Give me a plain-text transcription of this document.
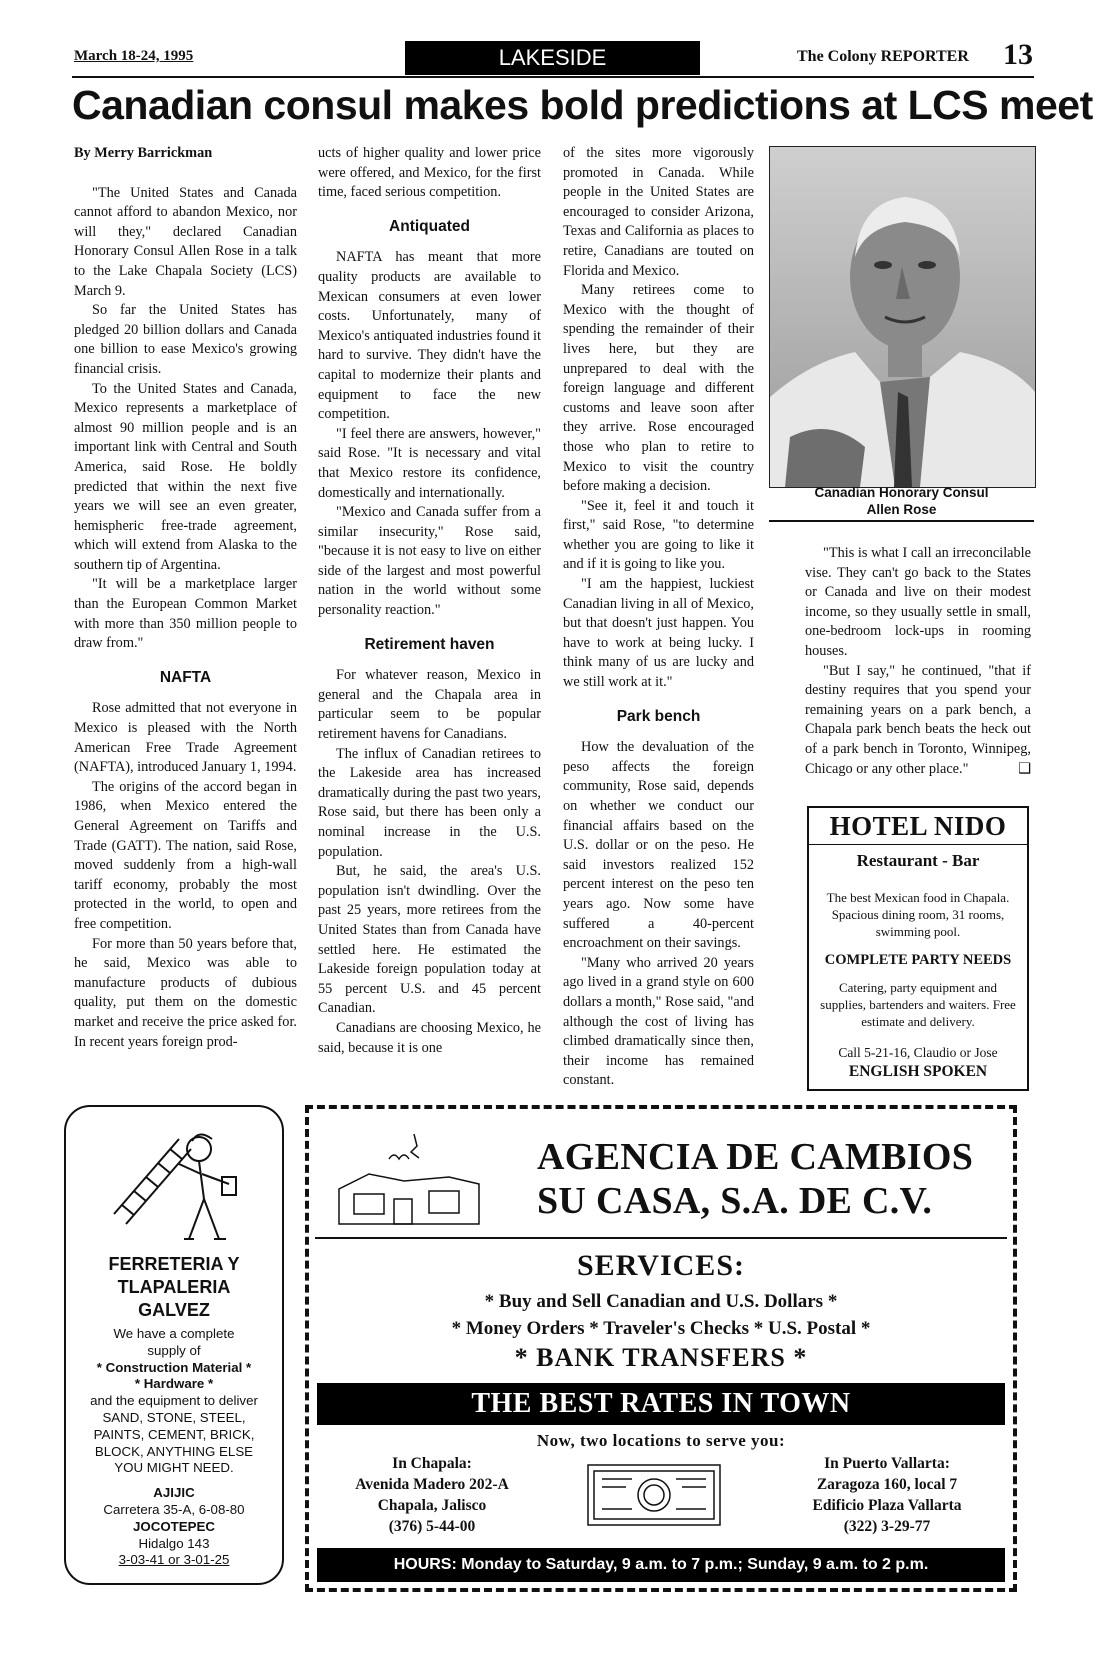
March 18-24, 1995	LAKESIDE	The Colony REPORTER 13
Canadian consul makes bold predictions at LCS meet

By Merry Barrickman

"The United States and Canada cannot afford to abandon Mexico, nor will they," declared Canadian Honorary Consul Allen Rose in a talk to the Lake Chapala Society (LCS) March 9.

So far the United States has pledged 20 billion dollars and Canada one billion to ease Mexico's growing financial crisis.

To the United States and Canada, Mexico represents a marketplace of almost 90 million people and is an important link with Central and South America, said Rose. He boldly predicted that within the next five years we will see an even greater, hemispheric free-trade agreement, which will extend from Alaska to the southern tip of Argentina.

"It will be a marketplace larger than the European Common Market with more than 350 million people to draw from."

NAFTA

Rose admitted that not everyone in Mexico is pleased with the North American Free Trade Agreement (NAFTA), introduced January 1, 1994.

The origins of the accord began in 1986, when Mexico entered the General Agreement on Tariffs and Trade (GATT). The nation, said Rose, moved suddenly from a high-wall tariff economy, probably the most protected in the world, to open and free competition.

For more than 50 years before that, he said, Mexico was able to manufacture products of dubious quality, put them on the domestic market and receive the price asked for. In recent years foreign prod-

ucts of higher quality and lower price were offered, and Mexico, for the first time, faced serious competition.

Antiquated

NAFTA has meant that more quality products are available to Mexican consumers at even lower costs. Unfortunately, many of Mexico's antiquated industries found it hard to survive. They didn't have the capital to modernize their plants and equipment to face the new competition.

"I feel there are answers, however," said Rose. "It is necessary and vital that Mexico restore its confidence, domestically and internationally.

"Mexico and Canada suffer from a similar insecurity," Rose said, "because it is not easy to live on either side of the largest and most powerful nation in the world without some personality reaction."

Retirement haven

For whatever reason, Mexico in general and the Chapala area in particular seem to be popular retirement havens for Canadians.

The influx of Canadian retirees to the Lakeside area has increased dramatically during the past two years, Rose said, but there has been only a nominal increase in the U.S. population.

But, he said, the area's U.S. population isn't dwindling. Over the past 25 years, more retirees from the United States than from Canada have settled here. He estimated the Lakeside foreign population today at 55 percent U.S. and 45 percent Canadian.

Canadians are choosing Mexico, he said, because it is one

of the sites more vigorously promoted in Canada. While people in the United States are encouraged to consider Arizona, Texas and California as places to retire, Canadians are touted on Florida and Mexico.

Many retirees come to Mexico with the thought of spending the remainder of their lives here, but they are unprepared to deal with the foreign language and different customs and leave soon after they arrive. Rose encouraged those who plan to retire to Mexico to visit the country before making a decision.

"See it, feel it and touch it first," said Rose, "to determine whether you are going to like it and if it is going to like you.

"I am the happiest, luckiest Canadian living in all of Mexico, but that doesn't just happen. You have to work at being lucky. I think many of us are lucky and we still work at it."

Park bench

How the devaluation of the peso affects the foreign community, Rose said, depends on whether we conduct our financial affairs based on the U.S. dollar or on the peso. He said investors realized 152 percent interest on the peso ten years ago. Now some have suffered a 40-percent encroachment on their savings.

"Many who arrived 20 years ago lived in a grand style on 600 dollars a month," Rose said, "and although the cost of living has climbed dramatically since then, their income has remained constant.

Canadian Honorary Consul
Allen Rose

"This is what I call an irreconcilable vise. They can't go back to the States or Canada and live on their modest income, so they usually settle in small, one-bedroom lock-ups in rooming houses.

"But I say," he continued, "that if destiny requires that you spend your remaining years on a park bench, a Chapala park bench beats the heck out of a park bench in Toronto, Winnipeg, Chicago or any other place."	❑

HOTEL NIDO
Restaurant - Bar
The best Mexican food in Chapala. Spacious dining room, 31 rooms, swimming pool.
COMPLETE PARTY NEEDS
Catering, party equipment and supplies, bartenders and waiters. Free estimate and delivery.
Call 5-21-16, Claudio or Jose
ENGLISH SPOKEN
FERRETERIA Y
TLAPALERIA
GALVEZ
We have a complete
supply of
* Construction Material *
* Hardware *
and the equipment to deliver
SAND, STONE, STEEL,
PAINTS, CEMENT, BRICK,
BLOCK, ANYTHING ELSE
YOU MIGHT NEED.
AJIJIC
Carretera 35-A, 6-08-80
JOCOTEPEC
Hidalgo 143
3-03-41 or 3-01-25
AGENCIA DE CAMBIOS
SU CASA, S.A. DE C.V.
SERVICES:
* Buy and Sell Canadian and U.S. Dollars *
* Money Orders * Traveler's Checks * U.S. Postal *
* BANK TRANSFERS *
THE BEST RATES IN TOWN
Now, two locations to serve you:
In Chapala:
Avenida Madero 202-A
Chapala, Jalisco
(376) 5-44-00
In Puerto Vallarta:
Zaragoza 160, local 7
Edificio Plaza Vallarta
(322) 3-29-77
HOURS: Monday to Saturday, 9 a.m. to 7 p.m.; Sunday, 9 a.m. to 2 p.m.
